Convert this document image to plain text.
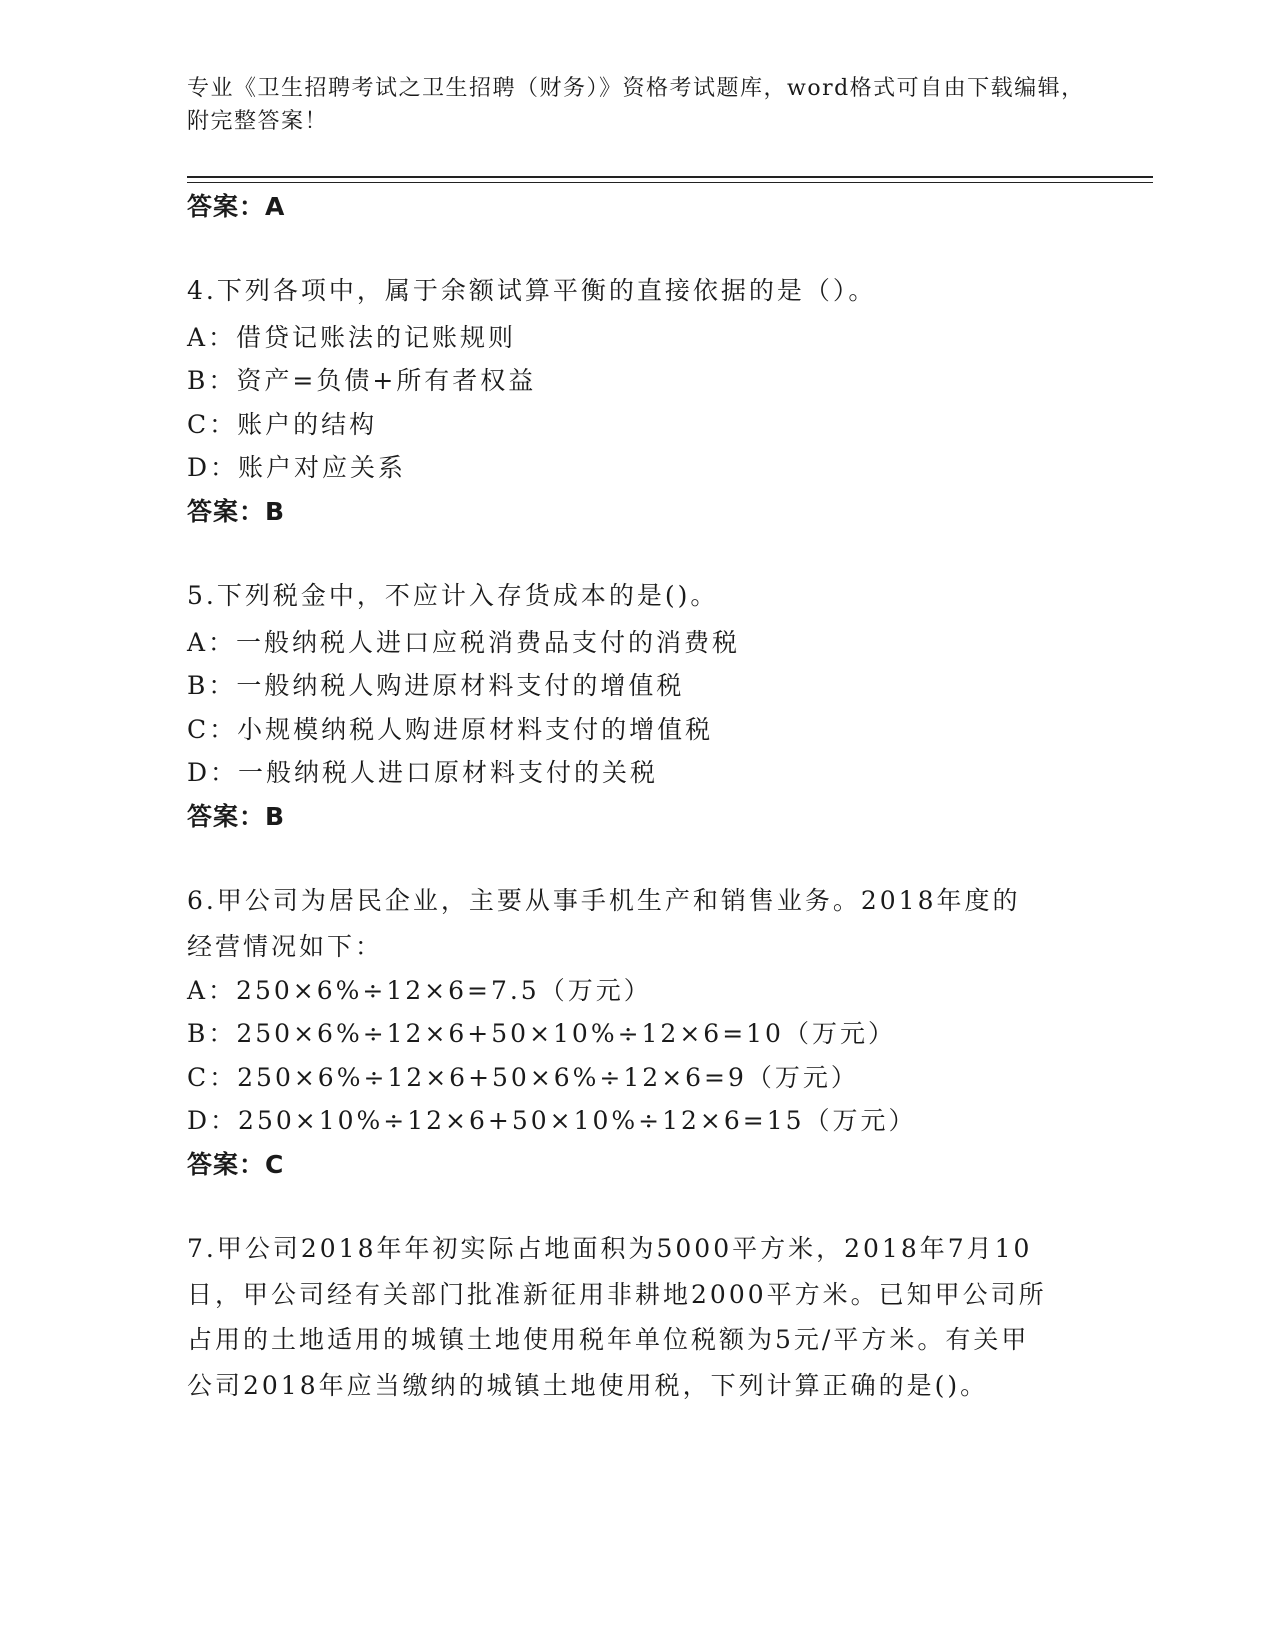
专业《卫生招聘考试之卫生招聘（财务）》资格考试题库，word格式可自由下载编辑，附完整答案！
答案：A
4.下列各项中，属于余额试算平衡的直接依据的是（）。
A：借贷记账法的记账规则
B：资产=负债+所有者权益
C：账户的结构
D：账户对应关系
答案：B
5.下列税金中，不应计入存货成本的是()。
A：一般纳税人进口应税消费品支付的消费税
B：一般纳税人购进原材料支付的增值税
C：小规模纳税人购进原材料支付的增值税
D：一般纳税人进口原材料支付的关税
答案：B
6.甲公司为居民企业，主要从事手机生产和销售业务。2018年度的经营情况如下：
A：250×6%÷12×6=7.5（万元）
B：250×6%÷12×6+50×10%÷12×6=10（万元）
C：250×6%÷12×6+50×6%÷12×6=9（万元）
D：250×10%÷12×6+50×10%÷12×6=15（万元）
答案：C
7.甲公司2018年年初实际占地面积为5000平方米，2018年7月10日，甲公司经有关部门批准新征用非耕地2000平方米。已知甲公司所占用的土地适用的城镇土地使用税年单位税额为5元/平方米。有关甲公司2018年应当缴纳的城镇土地使用税，下列计算正确的是()。
